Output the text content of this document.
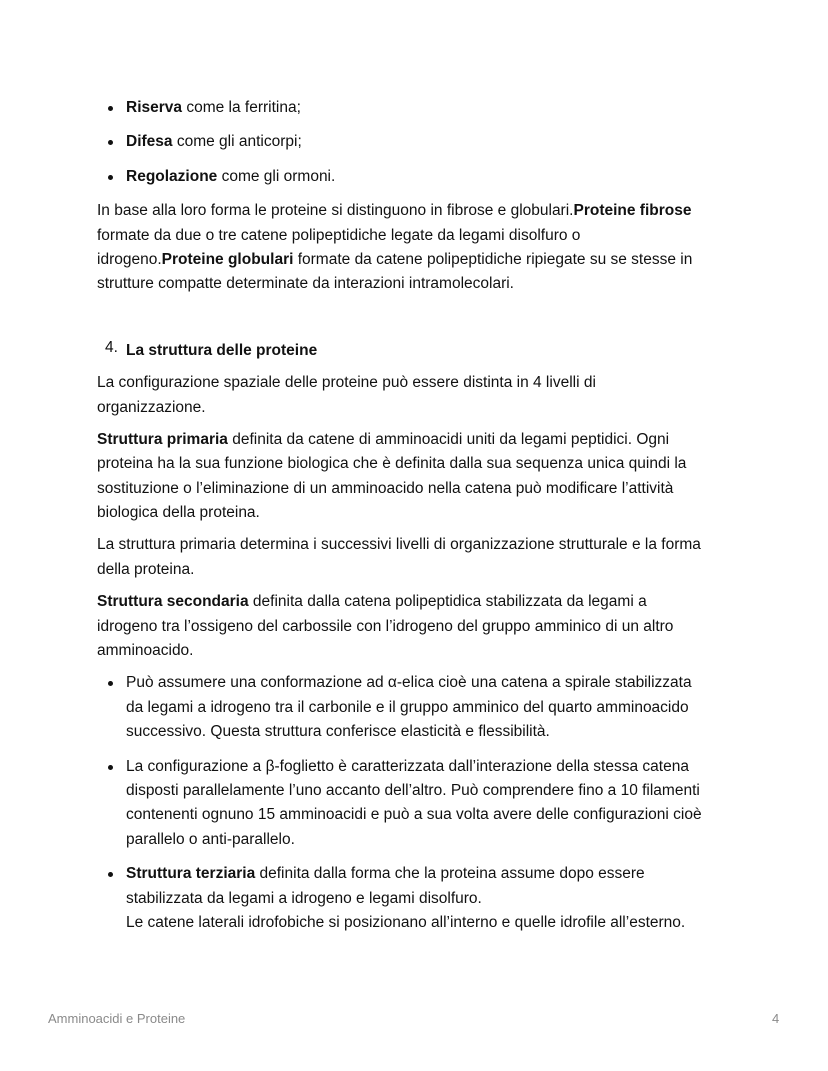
Riserva come la ferritina;
Difesa come gli anticorpi;
Regolazione come gli ormoni.
In base alla loro forma le proteine si distinguono in fibrose e globulari.Proteine fibrose
formate da due o tre catene polipeptidiche legate da legami disolfuro o
idrogeno.Proteine globulari formate da catene polipeptidiche ripiegate su se stesse in
strutture compatte determinate da interazioni intramolecolari.
4. La struttura delle proteine
La configurazione spaziale delle proteine può essere distinta in 4 livelli di
organizzazione.
Struttura primaria definita da catene di amminoacidi uniti da legami peptidici. Ogni
proteina ha la sua funzione biologica che è definita dalla sua sequenza unica quindi la
sostituzione o l’eliminazione di un amminoacido nella catena può modificare l’attività
biologica della proteina.
La struttura primaria determina i successivi livelli di organizzazione strutturale e la forma
della proteina.
Struttura secondaria definita dalla catena polipeptidica stabilizzata da legami a
idrogeno tra l’ossigeno del carbossile con l’idrogeno del gruppo amminico di un altro
amminoacido.
Può assumere una conformazione ad α-elica cioè una catena a spirale stabilizzata
da legami a idrogeno tra il carbonile e il gruppo amminico del quarto amminoacido
successivo. Questa struttura conferisce elasticità e flessibilità.
La configurazione a β-foglietto è caratterizzata dall’interazione della stessa catena
disposti parallelamente l’uno accanto dell’altro. Può comprendere fino a 10 filamenti
contenenti ognuno 15 amminoacidi e può a sua volta avere delle configurazioni cioè
parallelo o anti-parallelo.
Struttura terziaria definita dalla forma che la proteina assume dopo essere
stabilizzata da legami a idrogeno e legami disolfuro.
Le catene laterali idrofobiche si posizionano all’interno e quelle idrofile all’esterno.
Amminoacidi e Proteine	4
